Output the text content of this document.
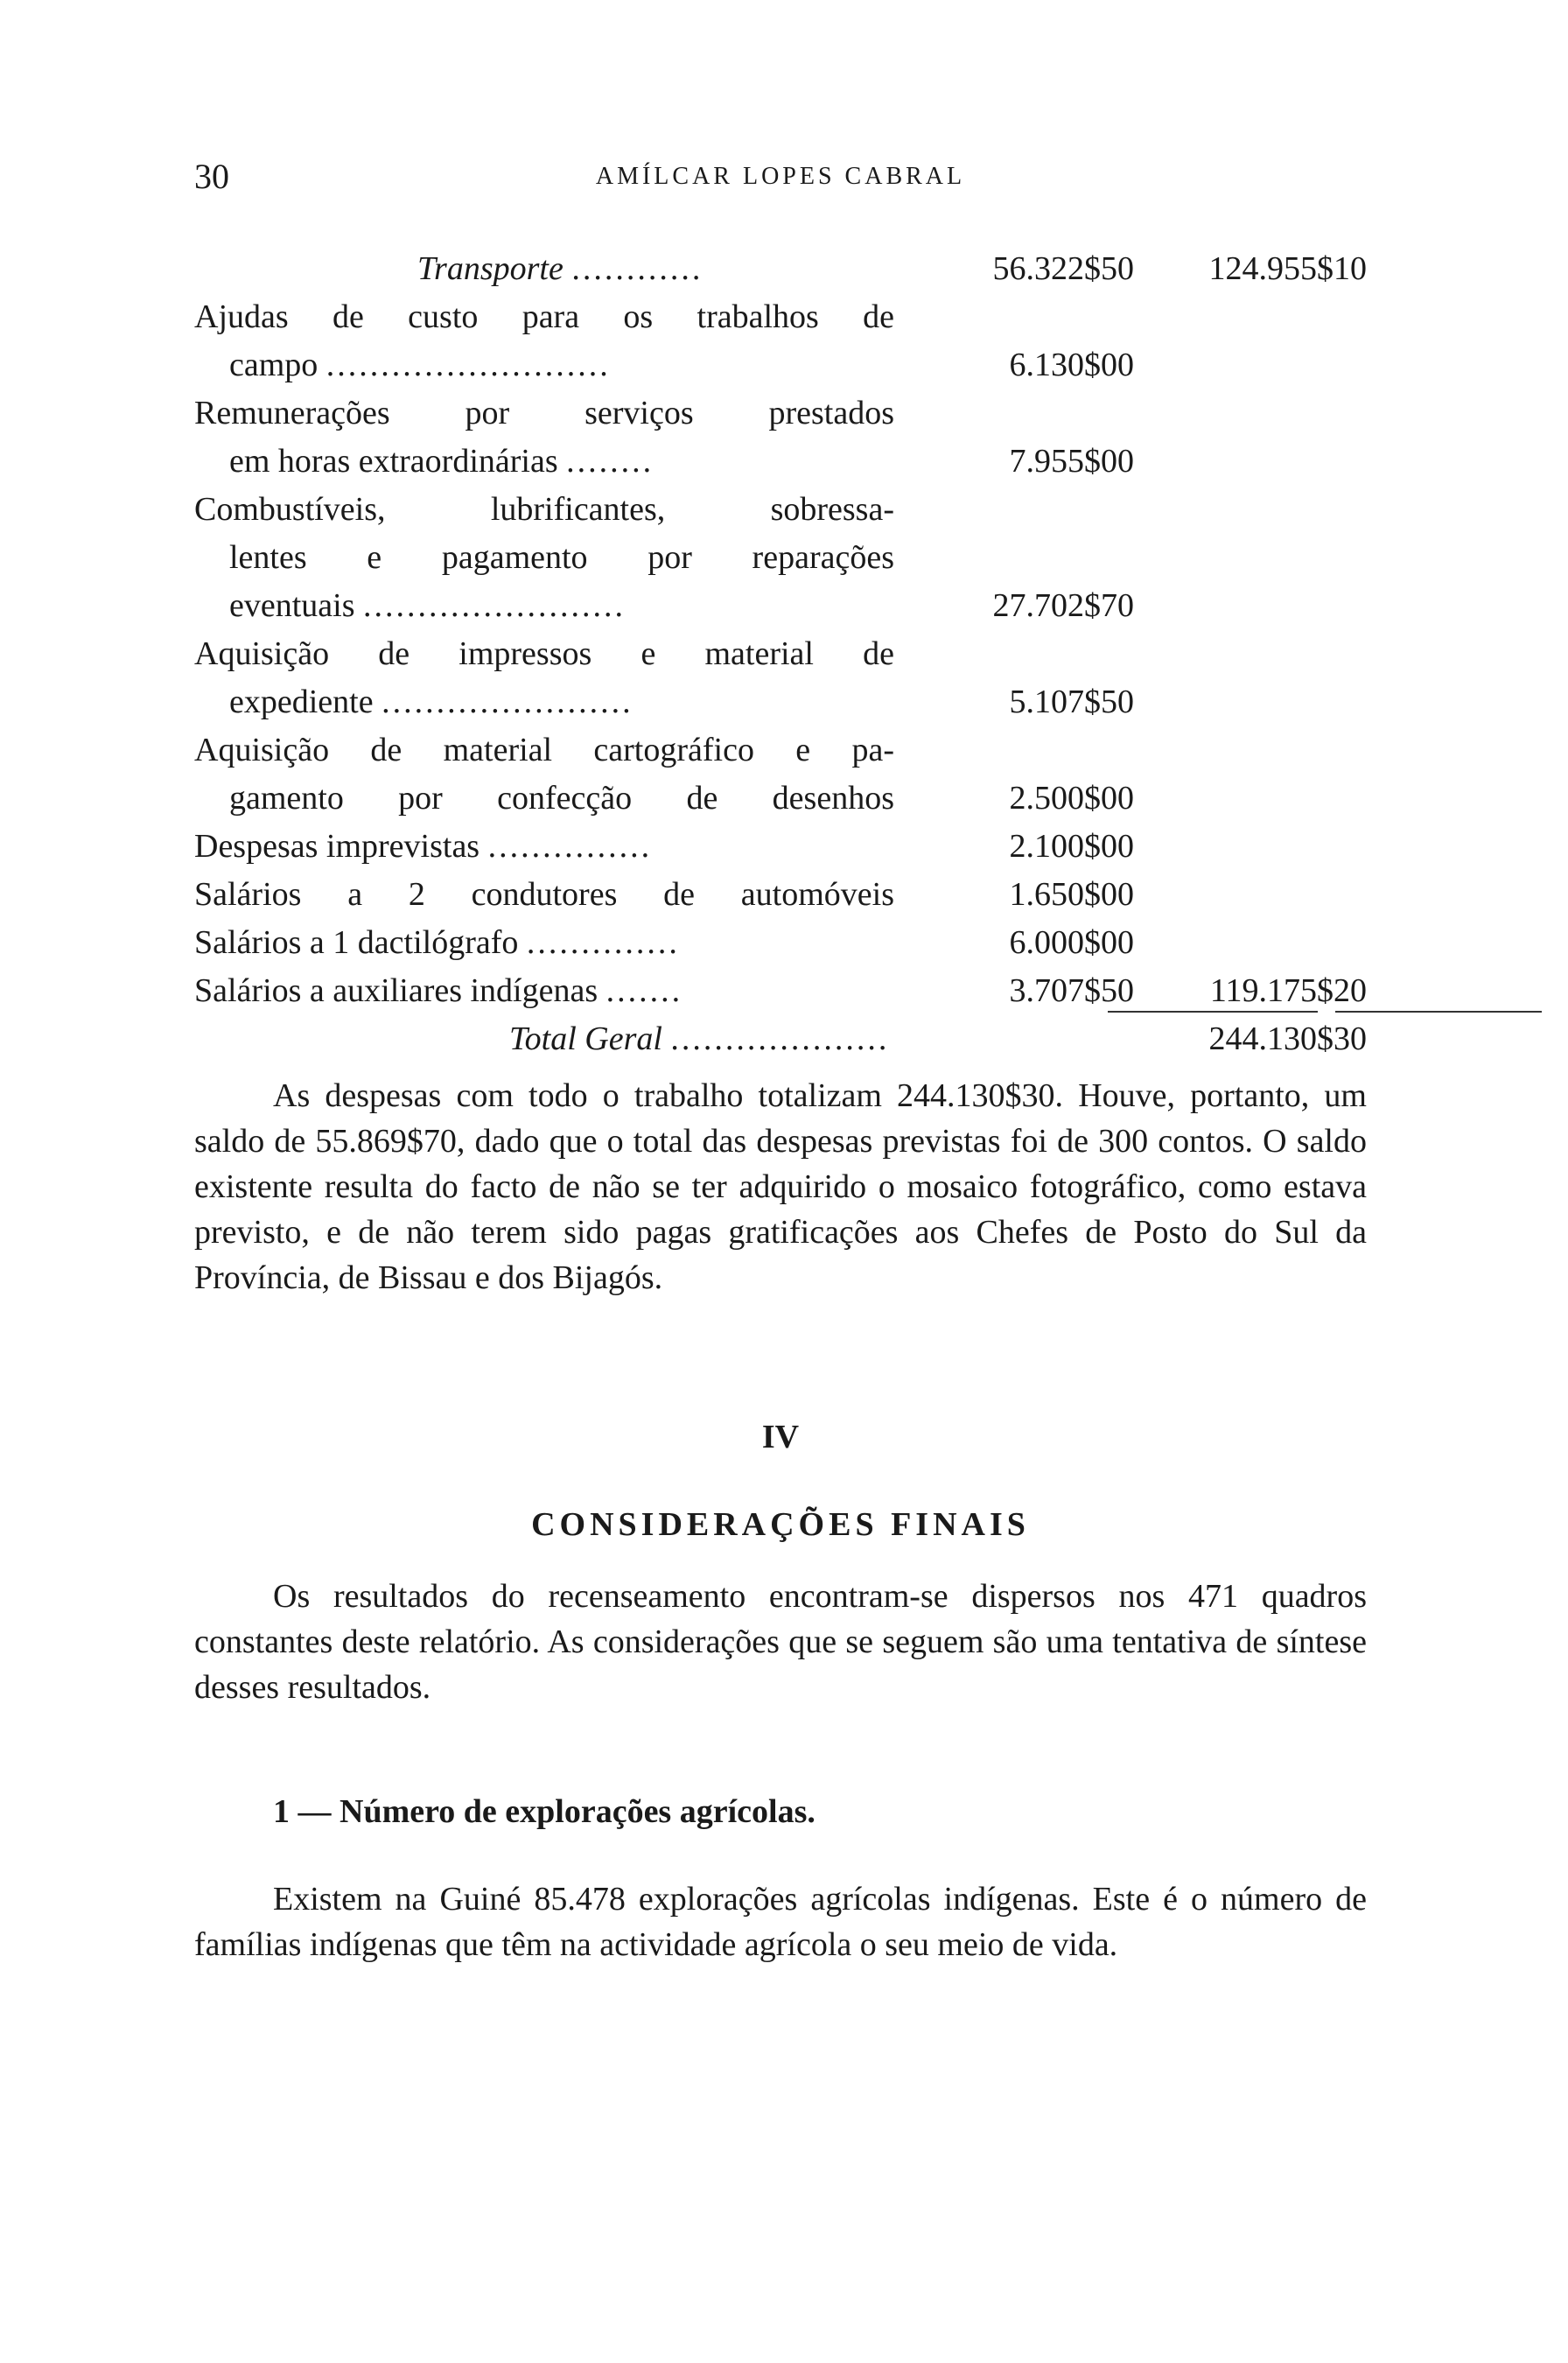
30	AMÍLCAR LOPES CABRAL
Transporte ............	56.322$50 124.955$10
Ajudas de custo para os trabalhos de
campo ..........................	6.130$00
Remunerações por serviços prestados
em horas extraordinárias ........	7.955$00
Combustíveis, lubrificantes, sobressa-
lentes e pagamento por reparações
eventuais ........................	27.702$70
Aquisição de impressos e material de
expediente .......................	5.107$50
Aquisição de material cartográfico e pa-
gamento por confecção de desenhos	2.500$00
Despesas imprevistas ...............	2.100$00
Salários a 2 condutores de automóveis	1.650$00
Salários a 1 dactilógrafo ..............	6.000$00
Salários a auxiliares indígenas .......	3.707$50 119.175$20
Total Geral ....................	244.130$30

As despesas com todo o trabalho totalizam 244.130$30. Houve, portanto, um saldo de 55.869$70, dado que o total das despesas previstas foi de 300 contos. O saldo existente resulta do facto de não se ter adquirido o mosaico fotográfico, como estava previsto, e de não terem sido pagas gratificações aos Chefes de Posto do Sul da Província, de Bissau e dos Bijagós.

IV
CONSIDERAÇÕES FINAIS

Os resultados do recenseamento encontram-se dispersos nos 471 quadros constantes deste relatório. As considerações que se seguem são uma tentativa de síntese desses resultados.

1 — Número de explorações agrícolas.

Existem na Guiné 85.478 explorações agrícolas indígenas. Este é o número de famílias indígenas que têm na actividade agrícola o seu meio de vida.
